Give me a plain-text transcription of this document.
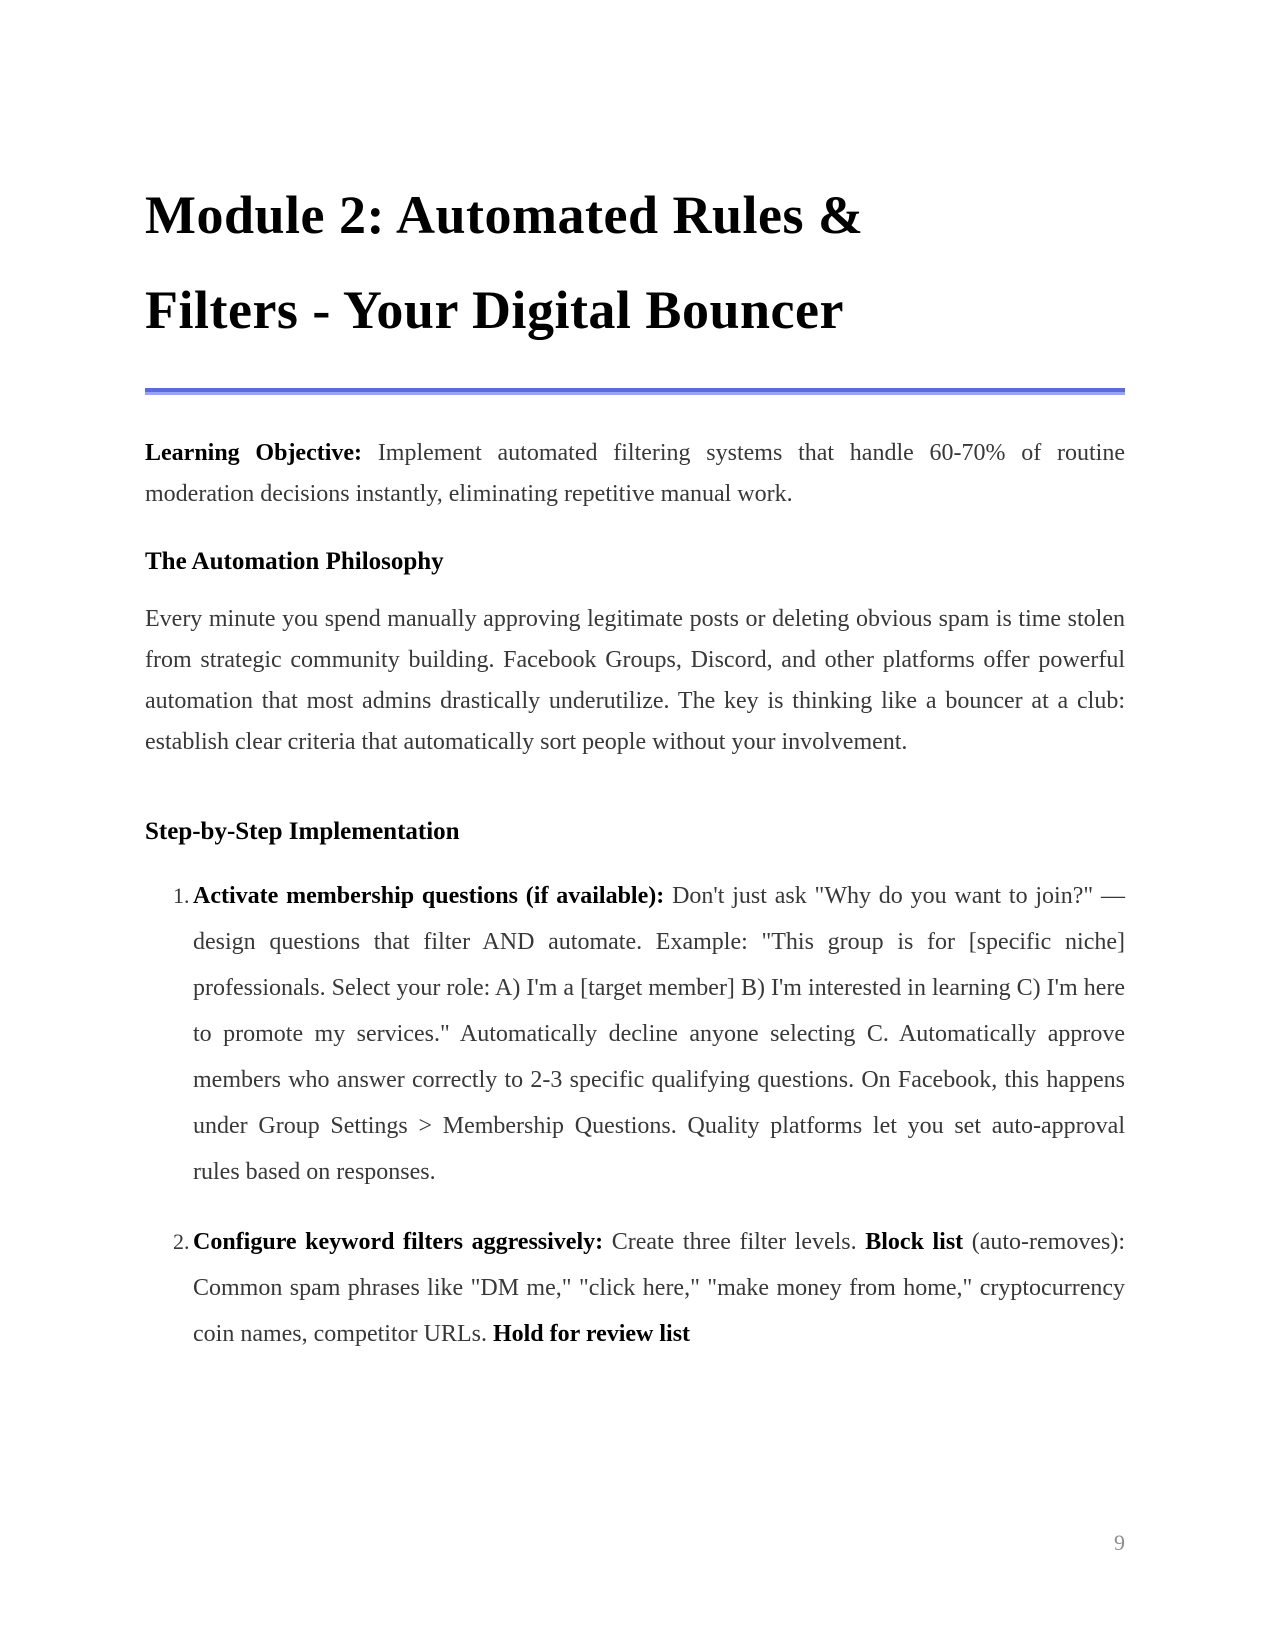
Module 2: Automated Rules &
Filters - Your Digital Bouncer

Learning Objective: Implement automated filtering systems that handle 60-70% of routine moderation decisions instantly, eliminating repetitive manual work.

The Automation Philosophy

Every minute you spend manually approving legitimate posts or deleting obvious spam is time stolen from strategic community building. Facebook Groups, Discord, and other platforms offer powerful automation that most admins drastically underutilize. The key is thinking like a bouncer at a club: establish clear criteria that automatically sort people without your involvement.

Step-by-Step Implementation
1. Activate membership questions (if available): Don't just ask "Why do you want to join?" — design questions that filter AND automate. Example: "This group is for [specific niche] professionals. Select your role: A) I'm a [target member] B) I'm interested in learning C) I'm here to promote my services." Automatically decline anyone selecting C. Automatically approve members who answer correctly to 2-3 specific qualifying questions. On Facebook, this happens under Group Settings > Membership Questions. Quality platforms let you set auto-approval rules based on responses.
2. Configure keyword filters aggressively: Create three filter levels. Block list (auto-removes): Common spam phrases like "DM me," "click here," "make money from home," cryptocurrency coin names, competitor URLs. Hold for review list
9
